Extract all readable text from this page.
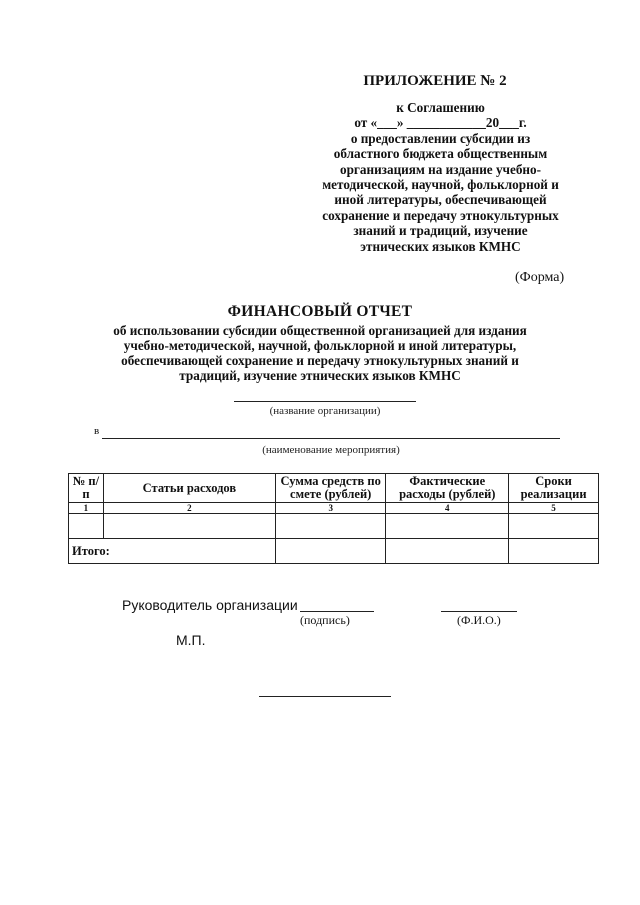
ПРИЛОЖЕНИЕ № 2
к Соглашению
от «___» ____________20___г.
о предоставлении субсидии из
областного бюджета общественным
организациям на издание учебно-
методической, научной, фольклорной и
иной литературы, обеспечивающей
сохранение и передачу этнокультурных
знаний и традиций, изучение
этнических языков КМНС
(Форма)
ФИНАНСОВЫЙ ОТЧЕТ
об использовании субсидии общественной организацией для издания
учебно-методической, научной, фольклорной и иной литературы,
обеспечивающей сохранение и передачу этнокультурных знаний и
традиций, изучение этнических языков КМНС
(название организации)
в
(наименование мероприятия)
№ п/п	Статьи расходов	Сумма средств по смете (рублей)	Фактические расходы (рублей)	Сроки реализации
1	2	3	4	5

Итого:				
Руководитель организации
(подпись)	(Ф.И.О.)
М.П.
